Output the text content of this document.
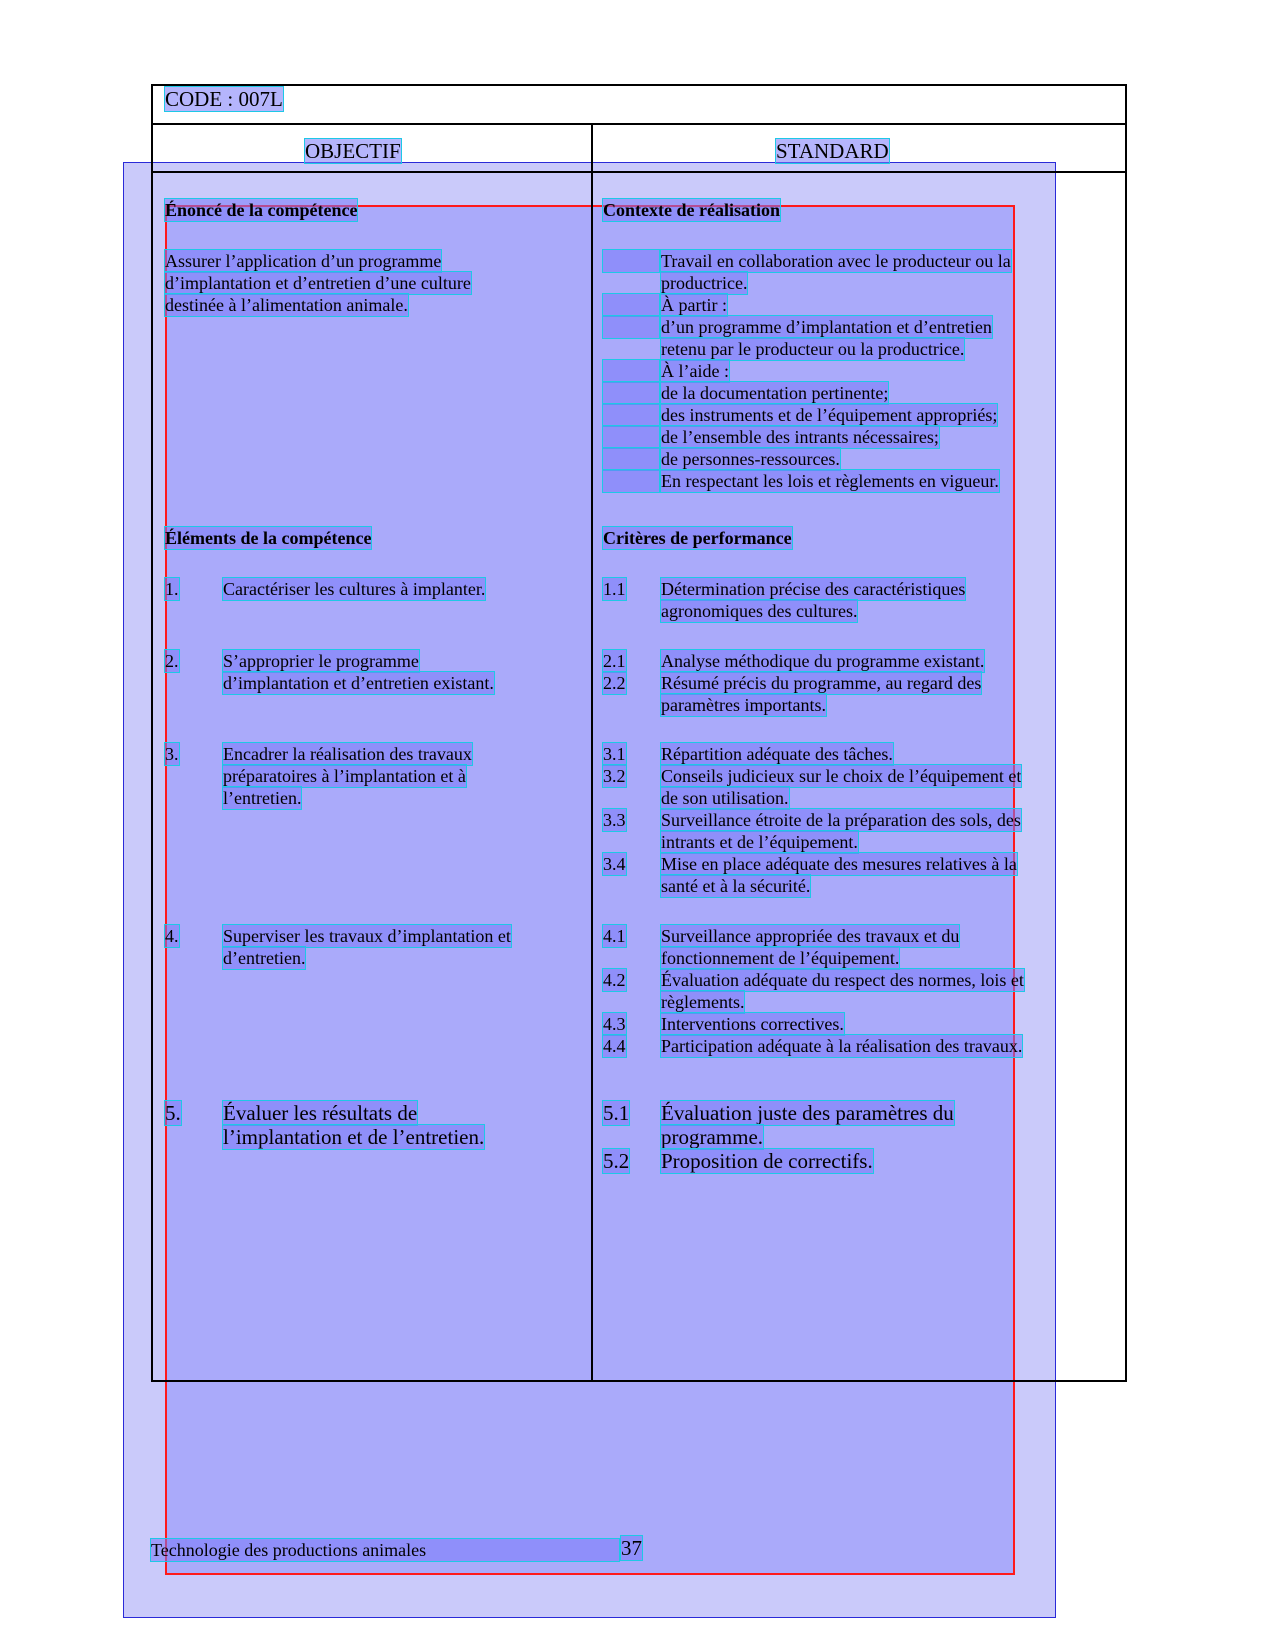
CODE : 007L
OBJECTIF	STANDARD
Énoncé de la compétence
Assurer l’application d’un programme
d’implantation et d’entretien d’une culture
destinée à l’alimentation animale.
Éléments de la compétence
1. Caractériser les cultures à implanter.
2. S’approprier le programme
d’implantation et d’entretien existant.
3. Encadrer la réalisation des travaux
préparatoires à l’implantation et à
l’entretien.
4. Superviser les travaux d’implantation et
d’entretien.
5. Évaluer les résultats de
l’implantation et de l’entretien.
Contexte de réalisation
Travail en collaboration avec le producteur ou la
productrice.
À partir :
d’un programme d’implantation et d’entretien
retenu par le producteur ou la productrice.
À l’aide :
de la documentation pertinente;
des instruments et de l’équipement appropriés;
de l’ensemble des intrants nécessaires;
de personnes-ressources.
En respectant les lois et règlements en vigueur.
Critères de performance
1.1 Détermination précise des caractéristiques
agronomiques des cultures.
2.1 Analyse méthodique du programme existant.
2.2 Résumé précis du programme, au regard des
paramètres importants.
3.1 Répartition adéquate des tâches.
3.2 Conseils judicieux sur le choix de l’équipement et
de son utilisation.
3.3 Surveillance étroite de la préparation des sols, des
intrants et de l’équipement.
3.4 Mise en place adéquate des mesures relatives à la
santé et à la sécurité.
4.1 Surveillance appropriée des travaux et du
fonctionnement de l’équipement.
4.2 Évaluation adéquate du respect des normes, lois et
règlements.
4.3 Interventions correctives.
4.4 Participation adéquate à la réalisation des travaux.
5.1 Évaluation juste des paramètres du
programme.
5.2 Proposition de correctifs.
Technologie des productions animales	37
